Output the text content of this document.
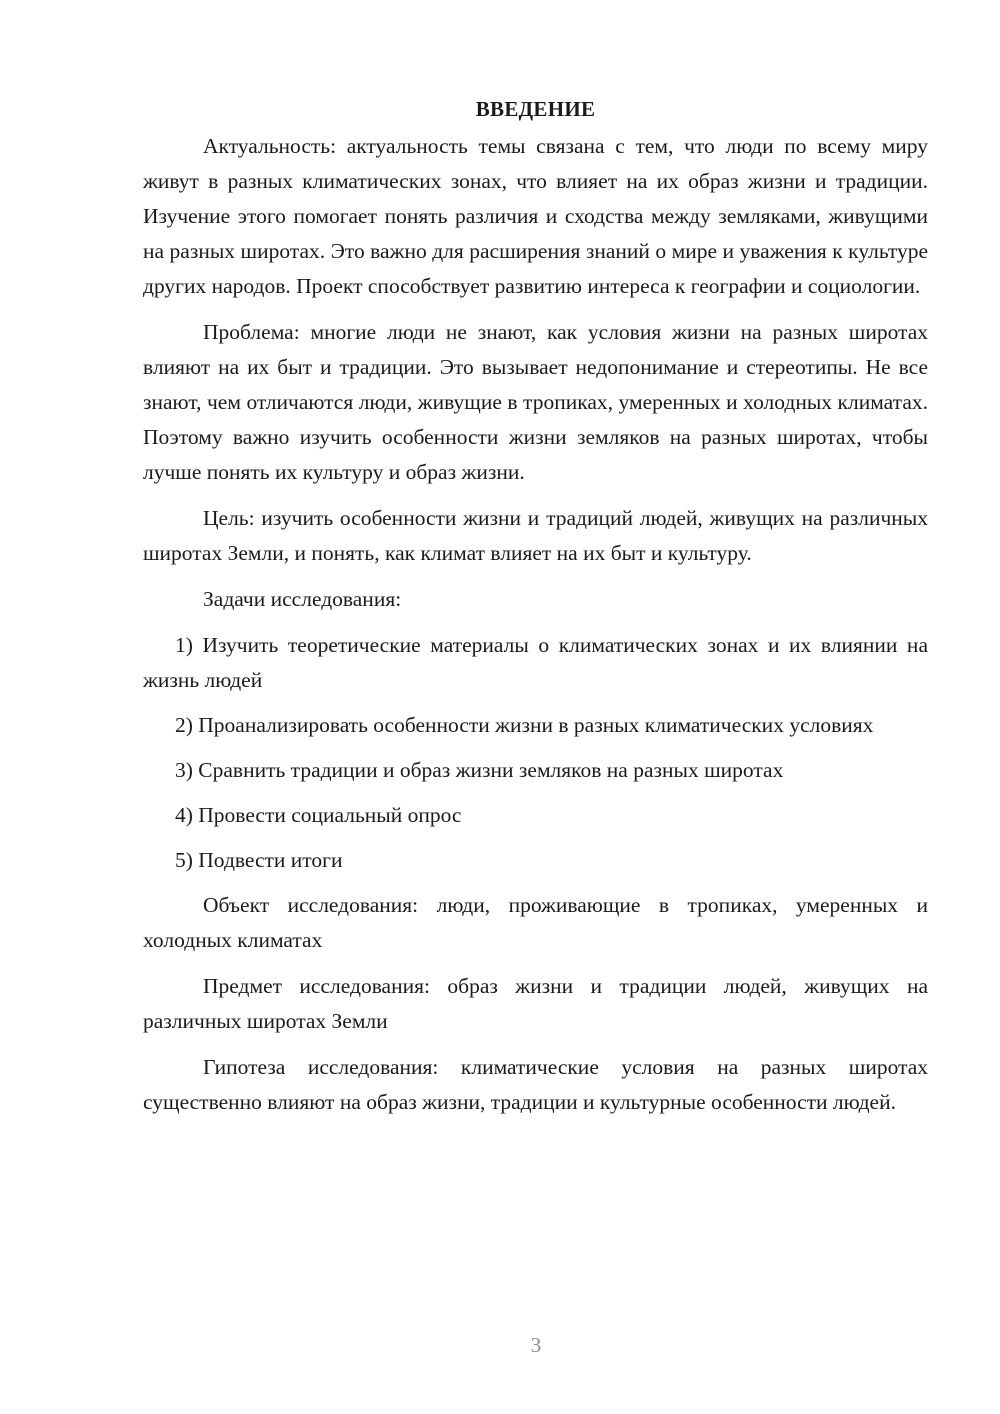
ВВЕДЕНИЕ

Актуальность: актуальность темы связана с тем, что люди по всему миру живут в разных климатических зонах, что влияет на их образ жизни и традиции. Изучение этого помогает понять различия и сходства между земляками, живущими на разных широтах. Это важно для расширения знаний о мире и уважения к культуре других народов. Проект способствует развитию интереса к географии и социологии.

Проблема: многие люди не знают, как условия жизни на разных широтах влияют на их быт и традиции. Это вызывает недопонимание и стереотипы. Не все знают, чем отличаются люди, живущие в тропиках, умеренных и холодных климатах. Поэтому важно изучить особенности жизни земляков на разных широтах, чтобы лучше понять их культуру и образ жизни.

Цель: изучить особенности жизни и традиций людей, живущих на различных широтах Земли, и понять, как климат влияет на их быт и культуру.

Задачи исследования:

1) Изучить теоретические материалы о климатических зонах и их влиянии на жизнь людей

2) Проанализировать особенности жизни в разных климатических условиях

3) Сравнить традиции и образ жизни земляков на разных широтах

4) Провести социальный опрос

5) Подвести итоги

Объект исследования: люди, проживающие в тропиках, умеренных и холодных климатах

Предмет исследования: образ жизни и традиции людей, живущих на различных широтах Земли

Гипотеза исследования: климатические условия на разных широтах существенно влияют на образ жизни, традиции и культурные особенности людей.

3
